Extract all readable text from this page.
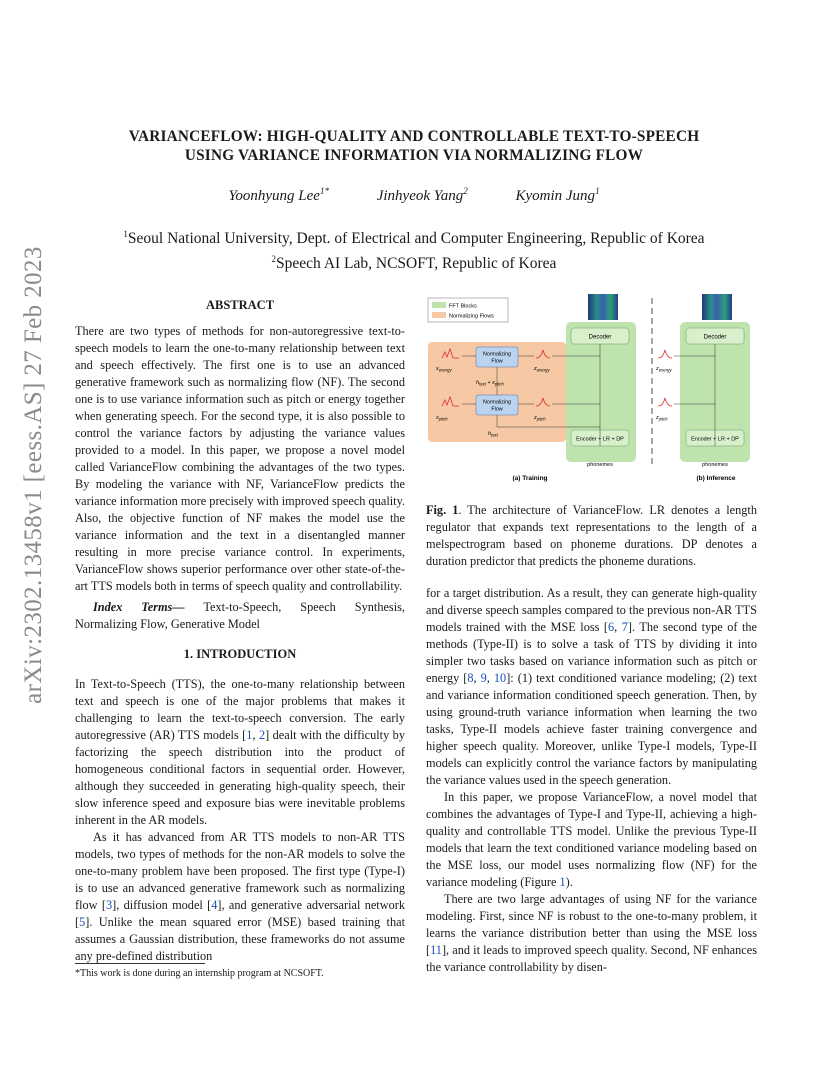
arXiv:2302.13458v1 [eess.AS] 27 Feb 2023
VARIANCEFLOW: HIGH-QUALITY AND CONTROLLABLE TEXT-TO-SPEECH
USING VARIANCE INFORMATION VIA NORMALIZING FLOW
Yoonhyung Lee$^{1*}$	Jinhyeok Yang$^2$	Kyomin Jung$^1$
$^1$Seoul National University, Dept. of Electrical and Computer Engineering, Republic of Korea
$^2$Speech AI Lab, NCSOFT, Republic of Korea
ABSTRACT

There are two types of methods for non-autoregressive text-to-speech models to learn the one-to-many relationship between text and speech effectively. The first one is to use an advanced generative framework such as normalizing flow (NF). The second one is to use variance information such as pitch or energy together when generating speech. For the second type, it is also possible to control the variance factors by adjusting the variance values provided to a model. In this paper, we propose a novel model called VarianceFlow combining the advantages of the two types. By modeling the variance with NF, VarianceFlow predicts the variance information more precisely with improved speech quality. Also, the objective function of NF makes the model use the variance information and the text in a disentangled manner resulting in more precise variance control. In experiments, VarianceFlow shows superior performance over other state-of-the-art TTS models both in terms of speech quality and controllability.

Index Terms— Text-to-Speech, Speech Synthesis, Normalizing Flow, Generative Model

1. INTRODUCTION

In Text-to-Speech (TTS), the one-to-many relationship between text and speech is one of the major problems that makes it challenging to learn the text-to-speech conversion. The early autoregressive (AR) TTS models [1, 2] dealt with the difficulty by factorizing the speech distribution into the product of homogeneous conditional factors in sequential order. However, although they succeeded in generating high-quality speech, their slow inference speed and exposure bias were inevitable problems inherent in the AR models.

As it has advanced from AR TTS models to non-AR TTS models, two types of methods for the non-AR models to solve the one-to-many problem have been proposed. The first type (Type-I) is to use an advanced generative framework such as normalizing flow [3], diffusion model [4], and generative adversarial network [5]. Unlike the mean squared error (MSE) based training that assumes a Gaussian distribution, these frameworks do not assume any pre-defined distribution

*This work is done during an internship program at NCSOFT.
FFT Blocks
Normalizing Flows
Decoder
Encoder + LR + DP
phonemes
(a) Training
Normalizing
Flow
Normalizing
Flow
$x_{energy}$	$z_{energy}$
$x_{pitch}$	$z_{pitch}$
$h_{text} + x_{pitch}$
$h_{text}$
Decoder
Encoder + LR + DP
phonemes
(b) Inference
$z_{energy}$
$z_{pitch}$
Fig. 1. The architecture of VarianceFlow. LR denotes a length regulator that expands text representations to the length of a melspectrogram based on phoneme durations. DP denotes a duration predictor that predicts the phoneme durations.

for a target distribution. As a result, they can generate high-quality and diverse speech samples compared to the previous non-AR TTS models trained with the MSE loss [6, 7]. The second type of the methods (Type-II) is to solve a task of TTS by dividing it into simpler two tasks based on variance information such as pitch or energy [8, 9, 10]: (1) text conditioned variance modeling; (2) text and variance information conditioned speech generation. Then, by using ground-truth variance information when learning the two tasks, Type-II models achieve faster training convergence and higher speech quality. Moreover, unlike Type-I models, Type-II models can explicitly control the variance factors by manipulating the variance values used in the speech generation.

In this paper, we propose VarianceFlow, a novel model that combines the advantages of Type-I and Type-II, achieving a high-quality and controllable TTS model. Unlike the previous Type-II models that learn the text conditioned variance modeling based on the MSE loss, our model uses normalizing flow (NF) for the variance modeling (Figure 1).

There are two large advantages of using NF for the variance modeling. First, since NF is robust to the one-to-many problem, it learns the variance distribution better than using the MSE loss [11], and it leads to improved speech quality. Second, NF enhances the variance controllability by disen-
